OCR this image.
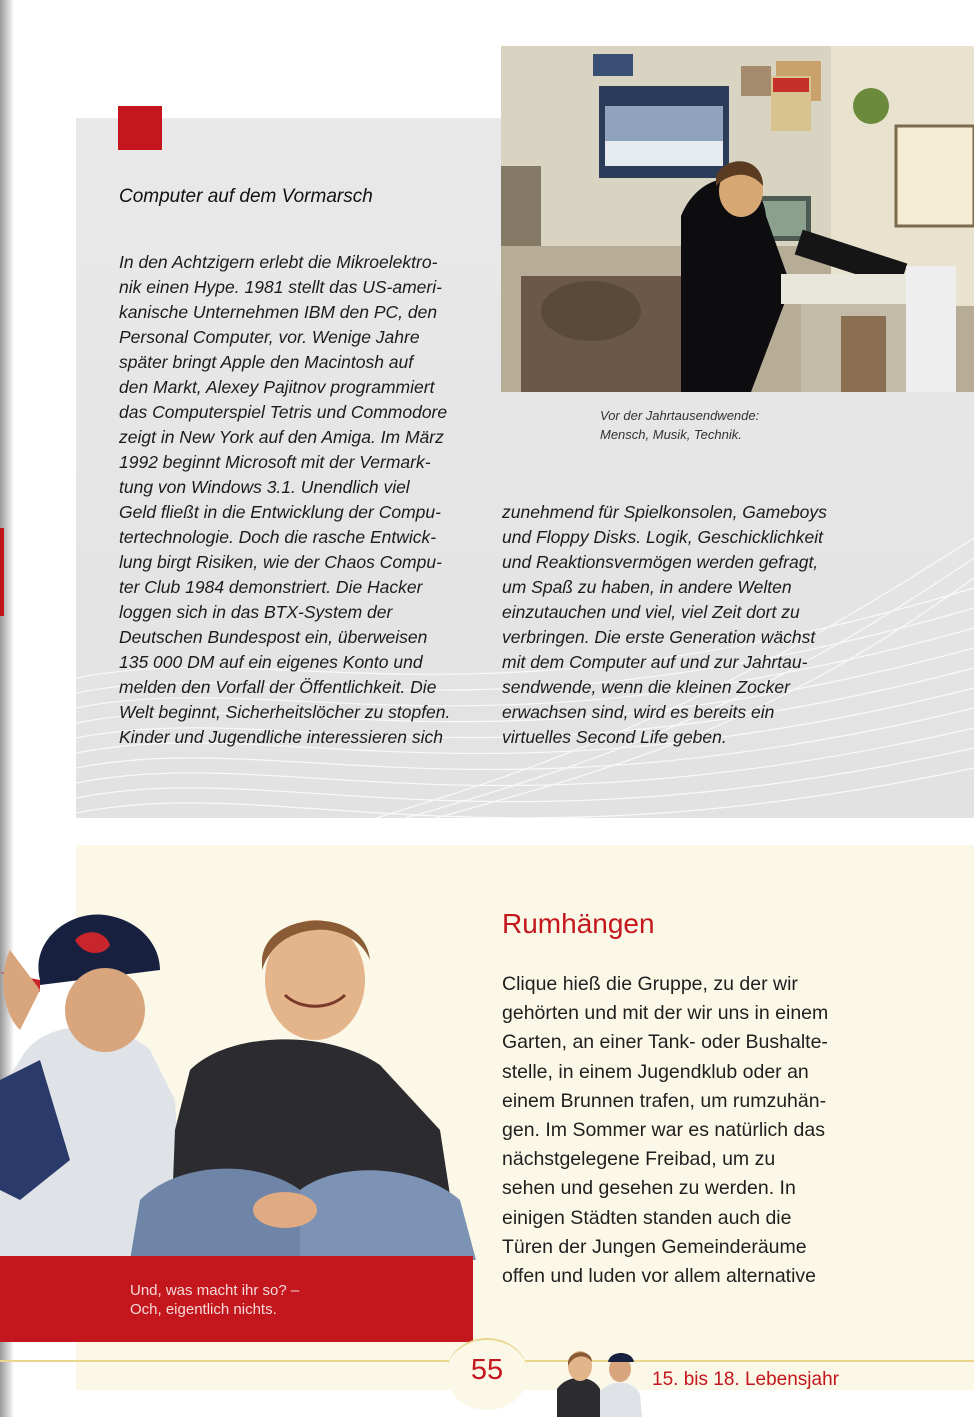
Vor der Jahrtausendwende:
Mensch, Musik, Technik.
Computer auf dem Vormarsch
In den Achtzigern erlebt die Mikroelektro-
nik einen Hype. 1981 stellt das US-ameri-
kanische Unternehmen IBM den PC, den
Personal Computer, vor. Wenige Jahre
später bringt Apple den Macintosh auf
den Markt, Alexey Pajitnov programmiert
das Computerspiel Tetris und Commodore
zeigt in New York auf den Amiga. Im März
1992 beginnt Microsoft mit der Vermark-
tung von Windows 3.1. Unendlich viel
Geld fließt in die Entwicklung der Compu-
tertechnologie. Doch die rasche Entwick-
lung birgt Risiken, wie der Chaos Compu-
ter Club 1984 demonstriert. Die Hacker
loggen sich in das BTX-System der
Deutschen Bundespost ein, überweisen
135 000 DM auf ein eigenes Konto und
melden den Vorfall der Öffentlichkeit. Die
Welt beginnt, Sicherheitslöcher zu stopfen.
Kinder und Jugendliche interessieren sich
zunehmend für Spielkonsolen, Gameboys
und Floppy Disks. Logik, Geschicklichkeit
und Reaktionsvermögen werden gefragt,
um Spaß zu haben, in andere Welten
einzutauchen und viel, viel Zeit dort zu
verbringen. Die erste Generation wächst
mit dem Computer auf und zur Jahrtau-
sendwende, wenn die kleinen Zocker
erwachsen sind, wird es bereits ein
virtuelles Second Life geben.
Und, was macht ihr so? –
Och, eigentlich nichts.
Rumhängen
Clique hieß die Gruppe, zu der wir
gehörten und mit der wir uns in einem
Garten, an einer Tank- oder Bushalte-
stelle, in einem Jugendklub oder an
einem Brunnen trafen, um rumzuhän-
gen. Im Sommer war es natürlich das
nächstgelegene Freibad, um zu
sehen und gesehen zu werden. In
einigen Städten standen auch die
Türen der Jungen Gemeinderäume
offen und luden vor allem alternative
55	15. bis 18. Lebensjahr
